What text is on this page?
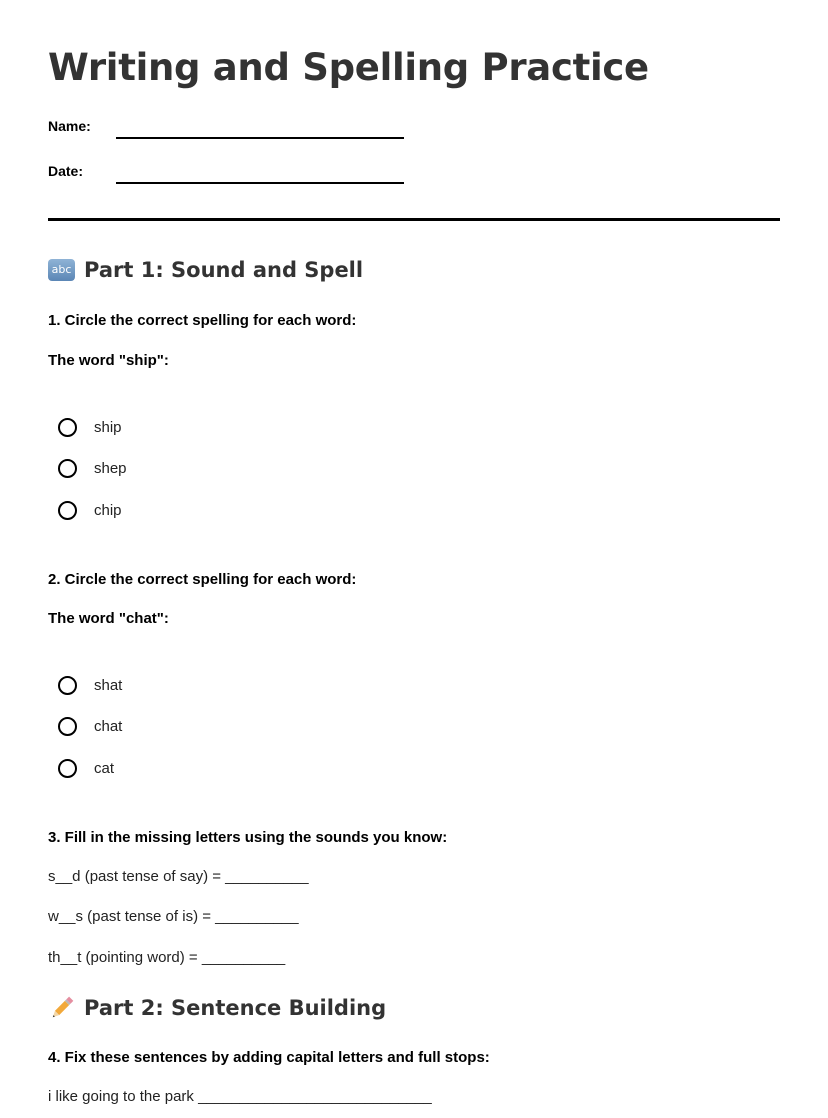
Writing and Spelling Practice
Name:
Date:
abc Part 1: Sound and Spell
1. Circle the correct spelling for each word:
The word "ship":
ship
shep
chip
2. Circle the correct spelling for each word:
The word "chat":
shat
chat
cat
3. Fill in the missing letters using the sounds you know:
s__d (past tense of say) = __________
w__s (past tense of is) = __________
th__t (pointing word) = __________
Part 2: Sentence Building
4. Fix these sentences by adding capital letters and full stops:
i like going to the park ____________________________
